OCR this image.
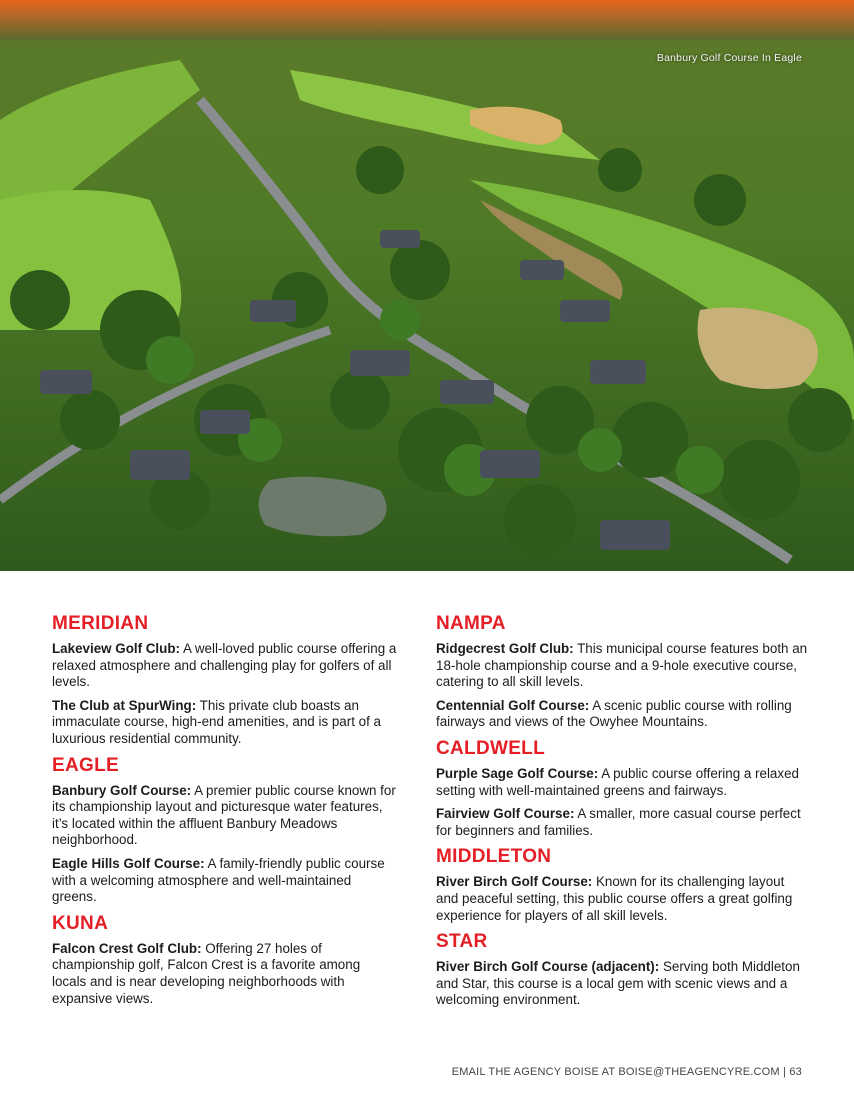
Banbury Golf Course In Eagle
MERIDIAN

Lakeview Golf Club: A well-loved public course offering a relaxed atmosphere and challenging play for golfers of all levels.

The Club at SpurWing: This private club boasts an immaculate course, high-end amenities, and is part of a luxurious residential community.

EAGLE

Banbury Golf Course: A premier public course known for its championship layout and picturesque water features, it’s located within the affluent Banbury Meadows neighborhood.

Eagle Hills Golf Course: A family-friendly public course with a welcoming atmosphere and well-maintained greens.

KUNA

Falcon Crest Golf Club: Offering 27 holes of championship golf, Falcon Crest is a favorite among locals and is near developing neighborhoods with expansive views.

NAMPA

Ridgecrest Golf Club: This municipal course features both an 18-hole championship course and a 9-hole executive course, catering to all skill levels.

Centennial Golf Course: A scenic public course with rolling fairways and views of the Owyhee Mountains.

CALDWELL

Purple Sage Golf Course: A public course offering a relaxed setting with well-maintained greens and fairways.

Fairview Golf Course: A smaller, more casual course perfect for beginners and families.

MIDDLETON

River Birch Golf Course: Known for its challenging layout and peaceful setting, this public course offers a great golfing experience for players of all skill levels.

STAR

River Birch Golf Course (adjacent): Serving both Middleton and Star, this course is a local gem with scenic views and a welcoming environment.

EMAIL THE AGENCY BOISE AT BOISE@THEAGENCYRE.COM | 63
